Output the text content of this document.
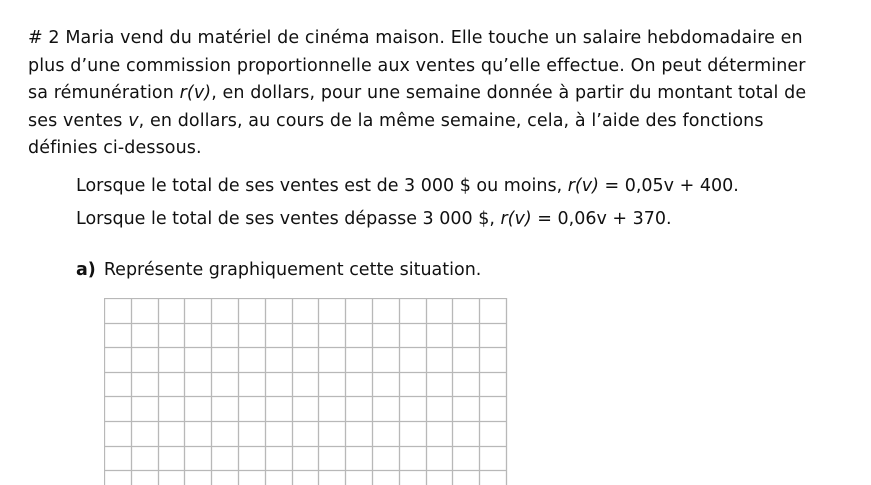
# 2 Maria vend du matériel de cinéma maison. Elle touche un salaire hebdomadaire en

plus d’une commission proportionnelle aux ventes qu’elle effectue. On peut déterminer

sa rémunération r(v), en dollars, pour une semaine donnée à partir du montant total de

ses ventes v, en dollars, au cours de la même semaine, cela, à l’aide des fonctions

définies ci-dessous.

Lorsque le total de ses ventes est de 3 000 $ ou moins, r(v) = 0,05v + 400.

Lorsque le total de ses ventes dépasse 3 000 $, r(v) = 0,06v + 370.

a) Représente graphiquement cette situation.
